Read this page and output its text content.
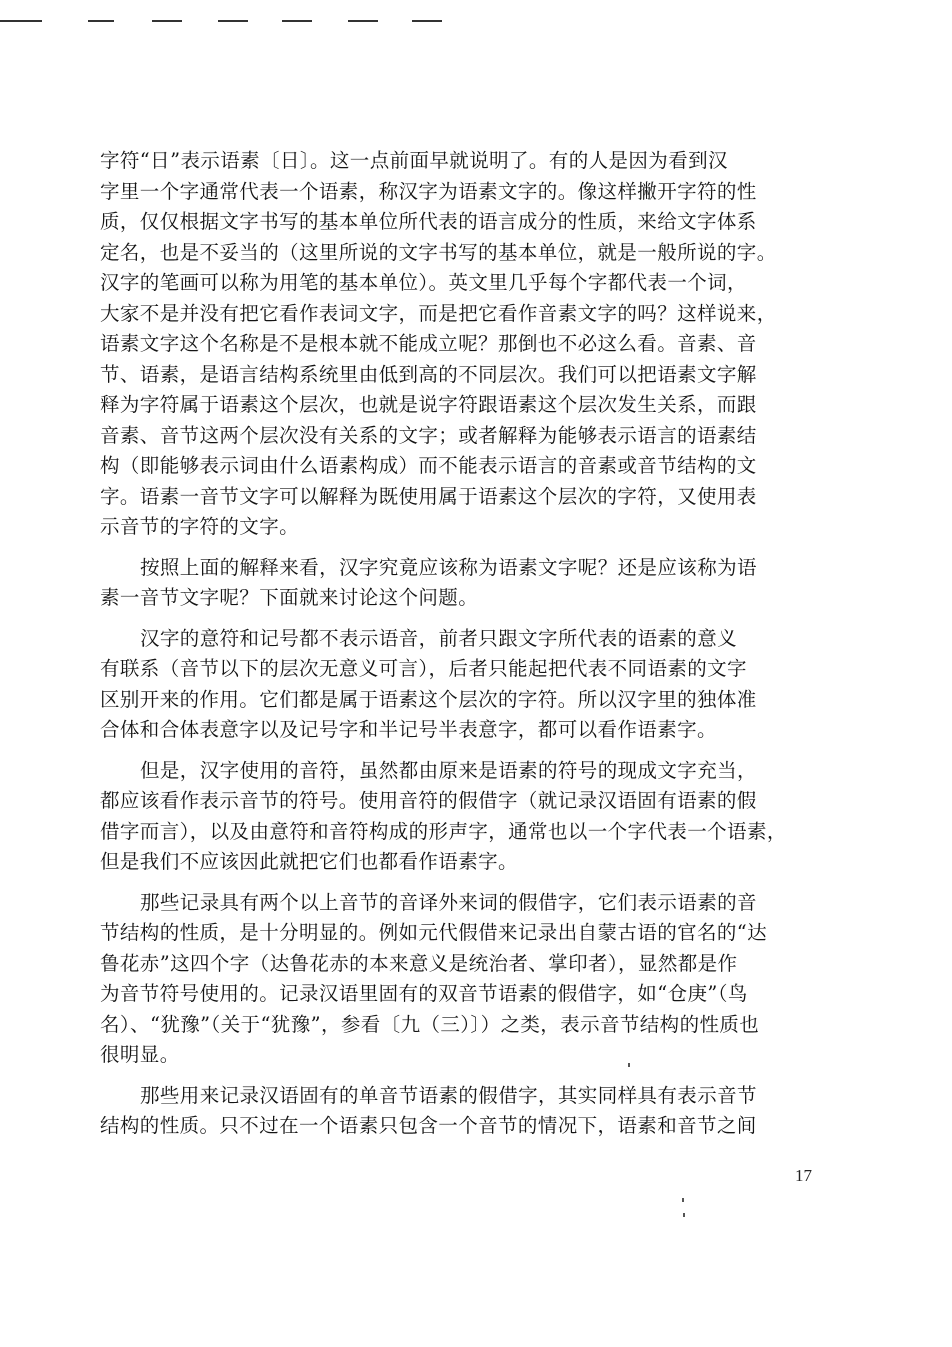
字符“日”表示语素〔日〕。这一点前面早就说明了。有的人是因为看到汉
字里一个字通常代表一个语素，称汉字为语素文字的。像这样撇开字符的性
质，仅仅根据文字书写的基本单位所代表的语言成分的性质，来给文字体系
定名，也是不妥当的（这里所说的文字书写的基本单位，就是一般所说的字。
汉字的笔画可以称为用笔的基本单位）。英文里几乎每个字都代表一个词，
大家不是并没有把它看作表词文字，而是把它看作音素文字的吗？这样说来，
语素文字这个名称是不是根本就不能成立呢？那倒也不必这么看。音素、音
节、语素，是语言结构系统里由低到高的不同层次。我们可以把语素文字解
释为字符属于语素这个层次，也就是说字符跟语素这个层次发生关系，而跟
音素、音节这两个层次没有关系的文字；或者解释为能够表示语言的语素结
构（即能够表示词由什么语素构成）而不能表示语言的音素或音节结构的文
字。语素一音节文字可以解释为既使用属于语素这个层次的字符，又使用表
示音节的字符的文字。
按照上面的解释来看，汉字究竟应该称为语素文字呢？还是应该称为语
素一音节文字呢？下面就来讨论这个问题。
汉字的意符和记号都不表示语音，前者只跟文字所代表的语素的意义
有联系（音节以下的层次无意义可言），后者只能起把代表不同语素的文字
区别开来的作用。它们都是属于语素这个层次的字符。所以汉字里的独体准
合体和合体表意字以及记号字和半记号半表意字，都可以看作语素字。
但是，汉字使用的音符，虽然都由原来是语素的符号的现成文字充当，
都应该看作表示音节的符号。使用音符的假借字（就记录汉语固有语素的假
借字而言），以及由意符和音符构成的形声字，通常也以一个字代表一个语素，
但是我们不应该因此就把它们也都看作语素字。
那些记录具有两个以上音节的音译外来词的假借字，它们表示语素的音
节结构的性质，是十分明显的。例如元代假借来记录出自蒙古语的官名的“达
鲁花赤”这四个字（达鲁花赤的本来意义是统治者、掌印者），显然都是作
为音节符号使用的。记录汉语里固有的双音节语素的假借字，如“仓庚”（鸟
名）、“犹豫”（关于“犹豫”，参看〔九（三）〕）之类，表示音节结构的性质也
很明显。
那些用来记录汉语固有的单音节语素的假借字，其实同样具有表示音节
结构的性质。只不过在一个语素只包含一个音节的情况下，语素和音节之间
17
